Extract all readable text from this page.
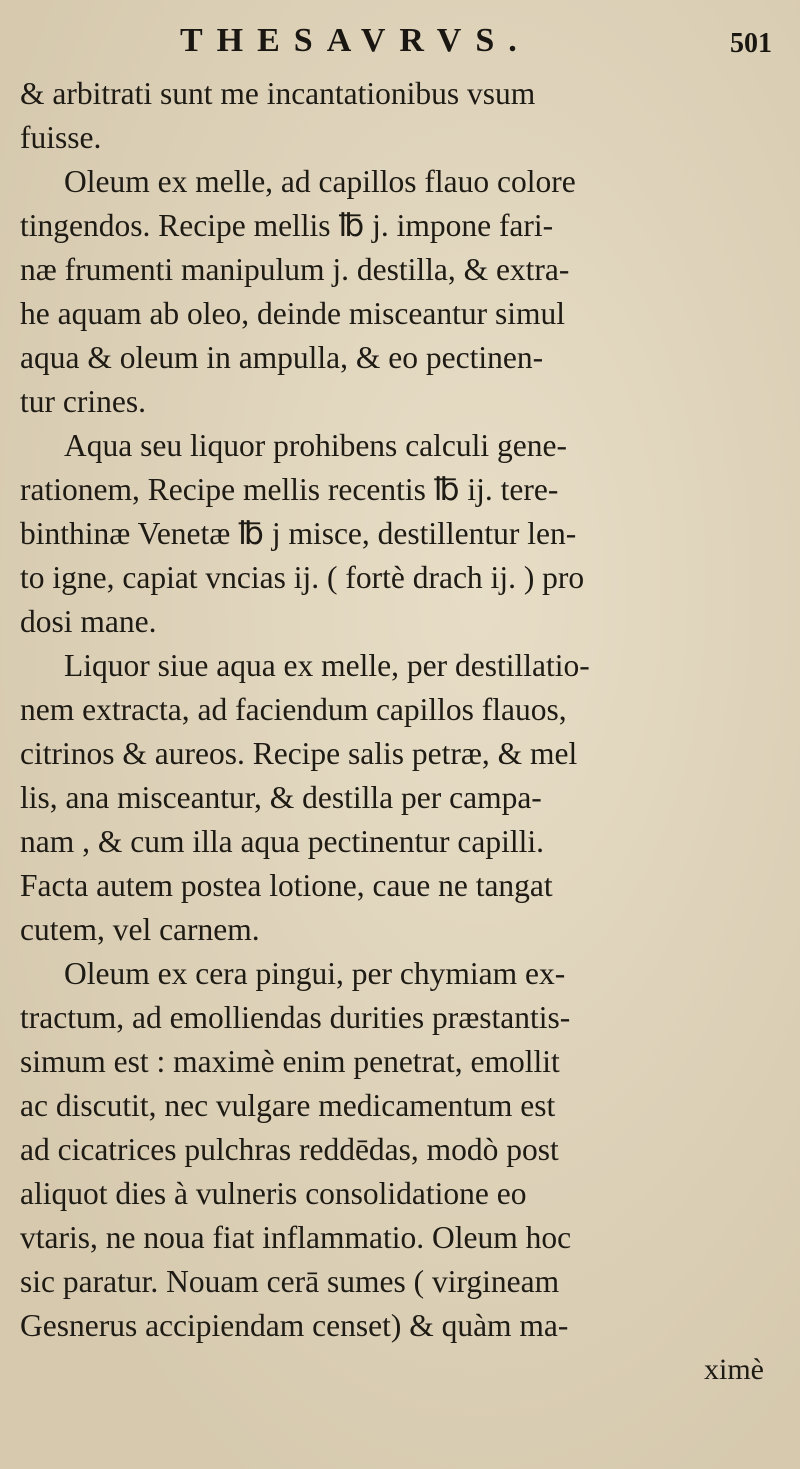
THESAVRVS.	501
& arbitrati sunt me incantationibus vsum
fuisse.
Oleum ex melle, ad capillos flauo colore
tingendos. Recipe mellis ℔ j. impone fari-
næ frumenti manipulum j. destilla, & extra-
he aquam ab oleo, deinde misceantur simul
aqua & oleum in ampulla, & eo pectinen-
tur crines.
Aqua seu liquor prohibens calculi gene-
rationem, Recipe mellis recentis ℔ ij. tere-
binthinæ Venetæ ℔ j misce, destillentur len-
to igne, capiat vncias ij. ( fortè drach ij. ) pro
dosi mane.
Liquor siue aqua ex melle, per destillatio-
nem extracta, ad faciendum capillos flauos,
citrinos & aureos. Recipe salis petræ, & mel
lis, ana misceantur, & destilla per campa-
nam , & cum illa aqua pectinentur capilli.
Facta autem postea lotione, caue ne tangat
cutem, vel carnem.
Oleum ex cera pingui, per chymiam ex-
tractum, ad emolliendas durities præstantis-
simum est : maximè enim penetrat, emollit
ac discutit, nec vulgare medicamentum est
ad cicatrices pulchras reddēdas, modò post
aliquot dies à vulneris consolidatione eo
vtaris, ne noua fiat inflammatio. Oleum hoc
sic paratur. Nouam cerā sumes ( virgineam
Gesnerus accipiendam censet) & quàm ma-
ximè
